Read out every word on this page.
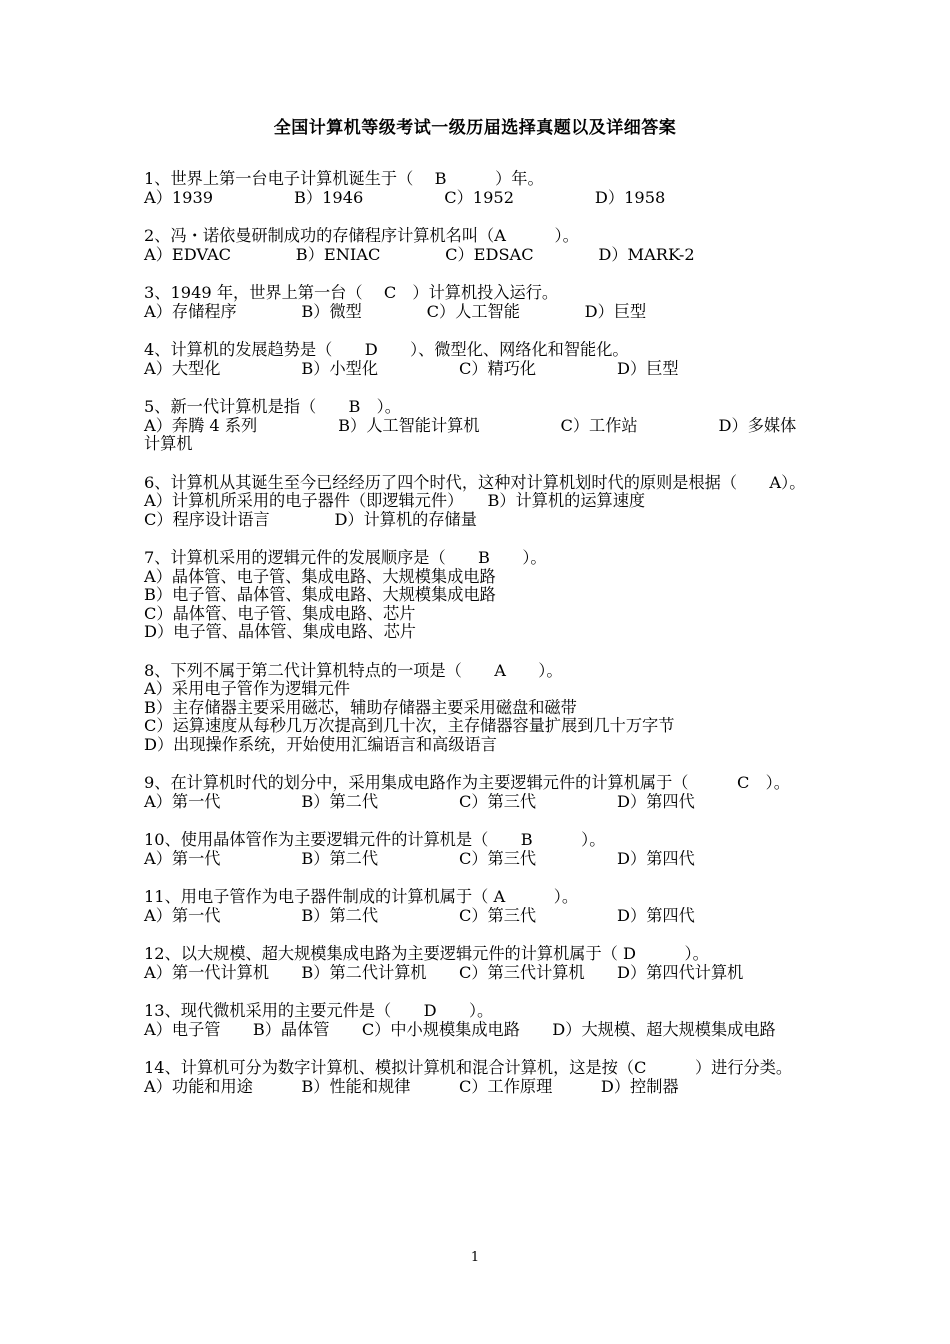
全国计算机等级考试一级历届选择真题以及详细答案
1、世界上第一台电子计算机诞生于（　 B　　　）年。
A）1939　　　　　B）1946　　　　　C）1952　　　　　D）1958
2、冯・诺依曼研制成功的存储程序计算机名叫（A　　　）。
A）EDVAC　　　　B）ENIAC　　　　C）EDSAC　　　　D）MARK-2
3、1949 年，世界上第一台（　 C　）计算机投入运行。
A）存储程序　　　　B）微型　　　　C）人工智能　　　　D）巨型
4、计算机的发展趋势是（　　D　　）、微型化、网络化和智能化。
A）大型化　　　　　B）小型化　　　　　C）精巧化　　　　　D）巨型
5、新一代计算机是指（　　B　）。
A）奔腾 4 系列　　　　　B）人工智能计算机　　　　　C）工作站　　　　　D）多媒体计算机
6、计算机从其诞生至今已经经历了四个时代，这种对计算机划时代的原则是根据（　　A）。
A）计算机所采用的电子器件（即逻辑元件）　　B）计算机的运算速度
C）程序设计语言　　　　D）计算机的存储量
7、计算机采用的逻辑元件的发展顺序是（　　B　　）。
A）晶体管、电子管、集成电路、大规模集成电路
B）电子管、晶体管、集成电路、大规模集成电路
C）晶体管、电子管、集成电路、芯片
D）电子管、晶体管、集成电路、芯片
8、下列不属于第二代计算机特点的一项是（　　A　　）。
A）采用电子管作为逻辑元件
B）主存储器主要采用磁芯，辅助存储器主要采用磁盘和磁带
C）运算速度从每秒几万次提高到几十次，主存储器容量扩展到几十万字节
D）出现操作系统，开始使用汇编语言和高级语言
9、在计算机时代的划分中，采用集成电路作为主要逻辑元件的计算机属于（　　　C　）。
A）第一代　　　　　B）第二代　　　　　C）第三代　　　　　D）第四代
10、使用晶体管作为主要逻辑元件的计算机是（　　B　　　）。
A）第一代　　　　　B）第二代　　　　　C）第三代　　　　　D）第四代
11、用电子管作为电子器件制成的计算机属于（ A　　　）。
A）第一代　　　　　B）第二代　　　　　C）第三代　　　　　D）第四代
12、以大规模、超大规模集成电路为主要逻辑元件的计算机属于（ D　　　）。
A）第一代计算机　　B）第二代计算机　　C）第三代计算机　　D）第四代计算机
13、现代微机采用的主要元件是（　　D　　）。
A）电子管　　B）晶体管　　C）中小规模集成电路　　D）大规模、超大规模集成电路
14、计算机可分为数字计算机、模拟计算机和混合计算机，这是按（C　　　）进行分类。
A）功能和用途　　　B）性能和规律　　　C）工作原理　　　D）控制器
1
